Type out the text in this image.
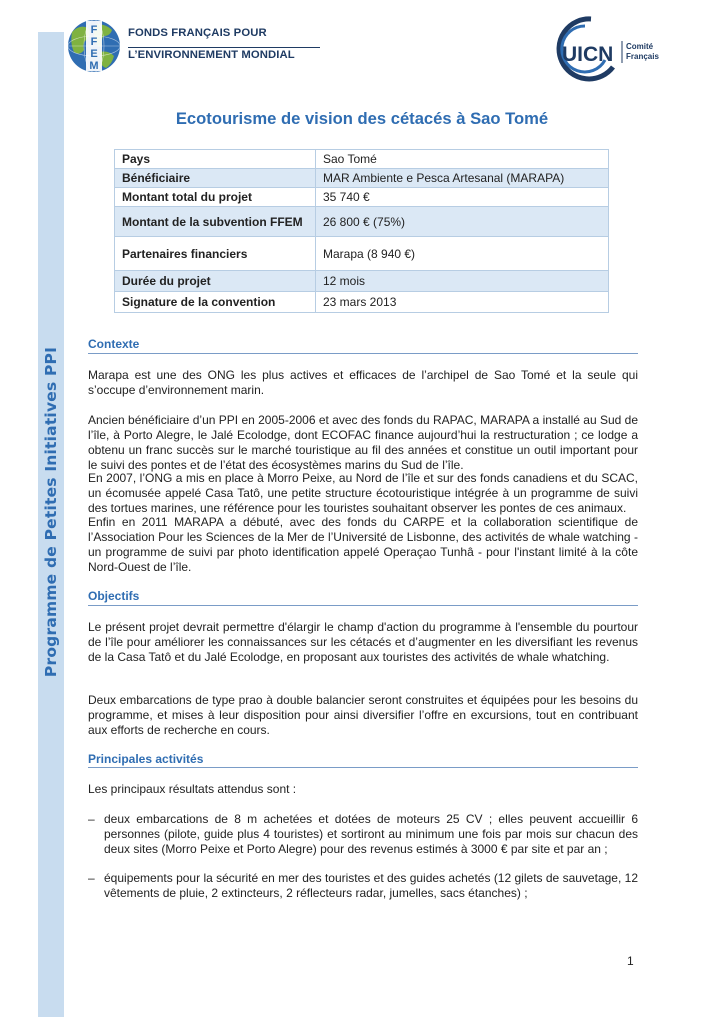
Programme de Petites Initiatives PPI
F
F
E
M
FONDS FRANÇAIS POUR
L’ENVIRONNEMENT MONDIAL	UICN Comité
Français
Ecotourisme de vision des cétacés à Sao Tomé
Pays	Sao Tomé
Bénéficiaire	MAR Ambiente e Pesca Artesanal (MARAPA)
Montant total du projet	35 740 €
Montant de la subvention FFEM	26 800 € (75%)
Partenaires financiers	Marapa (8 940 €)
Durée du projet	12 mois
Signature de la convention	23 mars 2013
Contexte

Marapa est une des ONG les plus actives et efficaces de l’archipel de Sao Tomé et la seule qui s’occupe d’environnement marin.

Ancien bénéficiaire d’un PPI en 2005-2006 et avec des fonds du RAPAC, MARAPA a installé au Sud de l’île, à Porto Alegre, le Jalé Ecolodge, dont ECOFAC finance aujourd’hui la restructuration ; ce lodge a obtenu un franc succès sur le marché touristique au fil des années et constitue un outil important pour le suivi des pontes et de l’état des écosystèmes marins du Sud de l’île.

En 2007, l’ONG a mis en place à Morro Peixe, au Nord de l’île et sur des fonds canadiens et du SCAC, un écomusée appelé Casa Tatô, une petite structure écotouristique intégrée à un programme de suivi des tortues marines, une référence pour les touristes souhaitant observer les pontes de ces animaux.

Enfin en 2011 MARAPA a débuté, avec des fonds du CARPE et la collaboration scientifique de l’Association Pour les Sciences de la Mer de l’Université de Lisbonne, des activités de whale watching - un programme de suivi par photo identification appelé Operaçao Tunhâ - pour l'instant limité à la côte Nord-Ouest de l’île.

Objectifs

Le présent projet devrait permettre d'élargir le champ d'action du programme à l'ensemble du pourtour de l’île pour améliorer les connaissances sur les cétacés et d’augmenter en les diversifiant les revenus de la Casa Tatô et du Jalé Ecolodge, en proposant aux touristes des activités de whale whatching.

Deux embarcations de type prao à double balancier seront construites et équipées pour les besoins du programme, et mises à leur disposition pour ainsi diversifier l’offre en excursions, tout en contribuant aux efforts de recherche en cours.

Principales activités

Les principaux résultats attendus sont :

– deux embarcations de 8 m achetées et dotées de moteurs 25 CV ; elles peuvent accueillir 6 personnes (pilote, guide plus 4 touristes) et sortiront au minimum une fois par mois sur chacun des deux sites (Morro Peixe et Porto Alegre) pour des revenus estimés à 3000 € par site et par an ;
– équipements pour la sécurité en mer des touristes et des guides achetés (12 gilets de sauvetage, 12 vêtements de pluie, 2 extincteurs, 2 réflecteurs radar, jumelles, sacs étanches) ;
1
